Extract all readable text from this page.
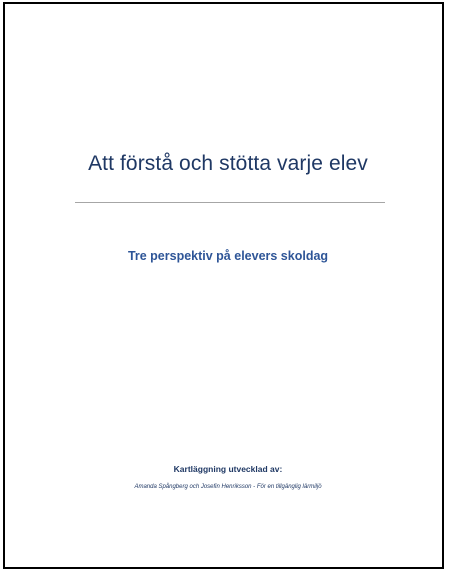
Att förstå och stötta varje elev
Tre perspektiv på elevers skoldag
Kartläggning utvecklad av:
Amanda Spångberg och Josefin Henriksson - För en tillgänglig lärmiljö
